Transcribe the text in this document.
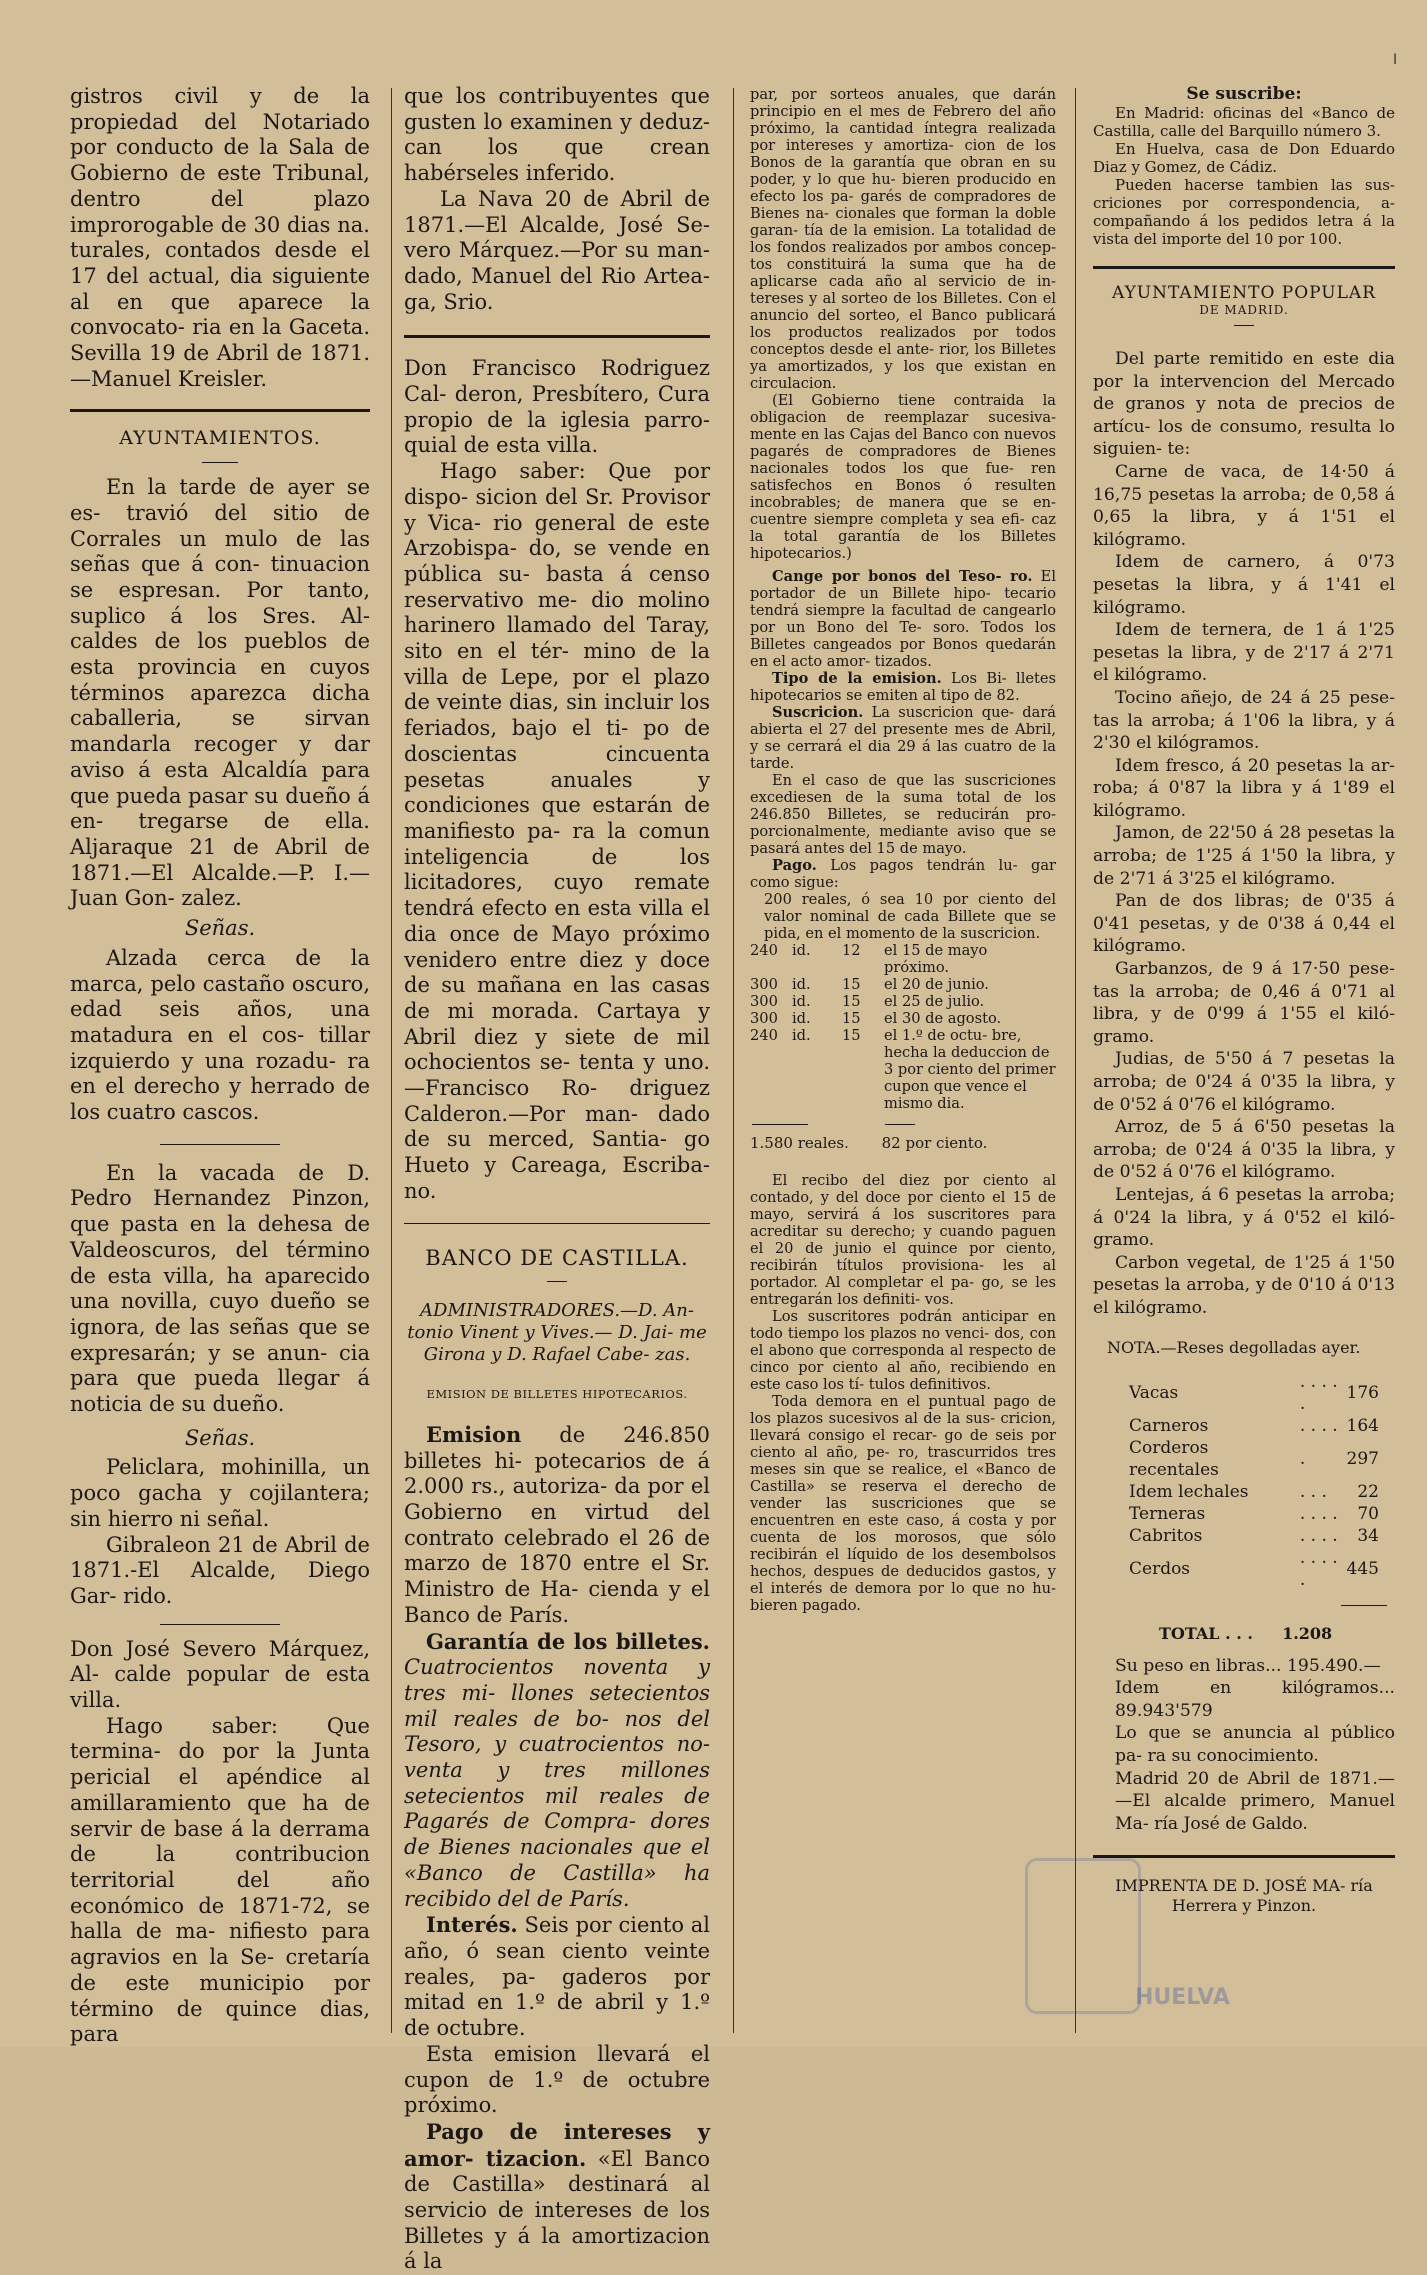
gistros civil y de la propiedad del Notariado por conducto de la Sala de Gobierno de este Tribunal, dentro del plazo improrogable de 30 dias na. turales, contados desde el 17 del actual, dia siguiente al en que aparece la convocato- ria en la Gaceta. Sevilla 19 de Abril de 1871.—Manuel Kreisler.

AYUNTAMIENTOS.

En la tarde de ayer se es- travió del sitio de Corrales un mulo de las señas que á con- tinuacion se espresan. Por tanto, suplico á los Sres. Al- caldes de los pueblos de esta provincia en cuyos términos aparezca dicha caballeria, se sirvan mandarla recoger y dar aviso á esta Alcaldía para que pueda pasar su dueño á en- tregarse de ella. Aljaraque 21 de Abril de 1871.—El Alcalde.—P. I.—Juan Gon- zalez.

Señas.

Alzada cerca de la marca, pelo castaño oscuro, edad seis años, una matadura en el cos- tillar izquierdo y una rozadu- ra en el derecho y herrado de los cuatro cascos.

En la vacada de D. Pedro Hernandez Pinzon, que pasta en la dehesa de Valdeoscuros, del término de esta villa, ha aparecido una novilla, cuyo dueño se ignora, de las señas que se expresarán; y se anun- cia para que pueda llegar á noticia de su dueño.

Señas.

Peliclara, mohinilla, un poco gacha y cojilantera; sin hierro ni señal.

Gibraleon 21 de Abril de 1871.-El Alcalde, Diego Gar- rido.

Don José Severo Márquez, Al- calde popular de esta villa.

Hago saber: Que termina- do por la Junta pericial el apéndice al amillaramiento que ha de servir de base á la derrama de la contribucion territorial del año económico de 1871-72, se halla de ma- nifiesto para agravios en la Se- cretaría de este municipio por término de quince dias, para

que los contribuyentes que gusten lo examinen y deduz- can los que crean habérseles inferido.

La Nava 20 de Abril de 1871.—El Alcalde, José Se- vero Márquez.—Por su man- dado, Manuel del Rio Artea- ga, Srio.

Don Francisco Rodriguez Cal- deron, Presbítero, Cura propio de la iglesia parro- quial de esta villa.

Hago saber: Que por dispo- sicion del Sr. Provisor y Vica- rio general de este Arzobispa- do, se vende en pública su- basta á censo reservativo me- dio molino harinero llamado del Taray, sito en el tér- mino de la villa de Lepe, por el plazo de veinte dias, sin incluir los feriados, bajo el ti- po de doscientas cincuenta pesetas anuales y condiciones que estarán de manifiesto pa- ra la comun inteligencia de los licitadores, cuyo remate tendrá efecto en esta villa el dia once de Mayo próximo venidero entre diez y doce de su mañana en las casas de mi morada. Cartaya y Abril diez y siete de mil ochocientos se- tenta y uno.—Francisco Ro- driguez Calderon.—Por man- dado de su merced, Santia- go Hueto y Careaga, Escriba- no.

BANCO DE CASTILLA.

ADMINISTRADORES.—D. An- tonio Vinent y Vives.— D. Jai- me Girona y D. Rafael Cabe- zas.

EMISION DE BILLETES HIPOTECARIOS.

Emision de 246.850 billetes hi- potecarios de á 2.000 rs., autoriza- da por el Gobierno en virtud del contrato celebrado el 26 de marzo de 1870 entre el Sr. Ministro de Ha- cienda y el Banco de París.

Garantía de los billetes. Cuatrocientos noventa y tres mi- llones setecientos mil reales de bo- nos del Tesoro, y cuatrocientos no- venta y tres millones setecientos mil reales de Pagarés de Compra- dores de Bienes nacionales que el «Banco de Castilla» ha recibido del de París.

Interés. Seis por ciento al año, ó sean ciento veinte reales, pa- gaderos por mitad en 1.º de abril y 1.º de octubre.

Esta emision llevará el cupon de 1.º de octubre próximo.

Pago de intereses y amor- tizacion. «El Banco de Castilla» destinará al servicio de intereses de los Billetes y á la amortizacion á la

par, por sorteos anuales, que darán principio en el mes de Febrero del año próximo, la cantidad íntegra realizada por intereses y amortiza- cion de los Bonos de la garantía que obran en su poder, y lo que hu- bieren producido en efecto los pa- garés de compradores de Bienes na- cionales que forman la doble garan- tía de la emision. La totalidad de los fondos realizados por ambos concep- tos constituirá la suma que ha de aplicarse cada año al servicio de in- tereses y al sorteo de los Billetes. Con el anuncio del sorteo, el Banco publicará los productos realizados por todos conceptos desde el ante- rior, los Billetes ya amortizados, y los que existan en circulacion.

(El Gobierno tiene contraida la obligacion de reemplazar sucesiva- mente en las Cajas del Banco con nuevos pagarés de compradores de Bienes nacionales todos los que fue- ren satisfechos en Bonos ó resulten incobrables; de manera que se en- cuentre siempre completa y sea efi- caz la total garantía de los Billetes hipotecarios.)

Cange por bonos del Teso- ro. El portador de un Billete hipo- tecario tendrá siempre la facultad de cangearlo por un Bono del Te- soro. Todos los Billetes cangeados por Bonos quedarán en el acto amor- tizados.

Tipo de la emision. Los Bi- lletes hipotecarios se emiten al tipo de 82.

Suscricion. La suscricion que- dará abierta el 27 del presente mes de Abril, y se cerrará el dia 29 á las cuatro de la tarde.

En el caso de que las suscriciones excediesen de la suma total de los 246.850 Billetes, se reducirán pro- porcionalmente, mediante aviso que se pasará antes del 15 de mayo.

Pago. Los pagos tendrán lu- gar como sigue:

200 reales, ó sea 10 por ciento del valor nominal de cada Billete que se pida, en el momento de la suscricion.

240	id.	12	el 15 de mayo próximo.
300	id.	15	el 20 de junio.
300	id.	15	el 25 de julio.
300	id.	15	el 30 de agosto.
240	id.	15	el 1.º de octu- bre, hecha la deduccion de 3 por ciento del primer cupon que vence el mismo dia.

1.580 reales. 82 por ciento.

El recibo del diez por ciento al contado, y del doce por ciento el 15 de mayo, servirá á los suscritores para acreditar su derecho; y cuando paguen el 20 de junio el quince por ciento, recibirán títulos provisiona- les al portador. Al completar el pa- go, se les entregarán los definiti- vos.

Los suscritores podrán anticipar en todo tiempo los plazos no venci- dos, con el abono que corresponda al respecto de cinco por ciento al año, recibiendo en este caso los tí- tulos definitivos.

Toda demora en el puntual pago de los plazos sucesivos al de la sus- cricion, llevará consigo el recar- go de seis por ciento al año, pe- ro, trascurridos tres meses sin que se realice, el «Banco de Castilla» se reserva el derecho de vender las suscriciones que se encuentren en este caso, á costa y por cuenta de los morosos, que sólo recibirán el líquido de los desembolsos hechos, despues de deducidos gastos, y el interés de demora por lo que no hu- bieren pagado.

Se suscribe:

En Madrid: oficinas del «Banco de Castilla, calle del Barquillo número 3.

En Huelva, casa de Don Eduardo Diaz y Gomez, de Cádiz.

Pueden hacerse tambien las sus- criciones por correspondencia, a- compañando á los pedidos letra á la vista del importe del 10 por 100.

AYUNTAMIENTO POPULAR

DE MADRID.

Del parte remitido en este dia por la intervencion del Mercado de granos y nota de precios de artícu- los de consumo, resulta lo siguien- te:

Carne de vaca, de 14·50 á 16,75 pesetas la arroba; de 0,58 á 0,65 la libra, y á 1'51 el kilógramo.

Idem de carnero, á 0'73 pesetas la libra, y á 1'41 el kilógramo.

Idem de ternera, de 1 á 1'25 pesetas la libra, y de 2'17 á 2'71 el kilógramo.

Tocino añejo, de 24 á 25 pese- tas la arroba; á 1'06 la libra, y á 2'30 el kilógramos.

Idem fresco, á 20 pesetas la ar- roba; á 0'87 la libra y á 1'89 el kilógramo.

Jamon, de 22'50 á 28 pesetas la arroba; de 1'25 á 1'50 la libra, y de 2'71 á 3'25 el kilógramo.

Pan de dos libras; de 0'35 á 0'41 pesetas, y de 0'38 á 0,44 el kilógramo.

Garbanzos, de 9 á 17·50 pese- tas la arroba; de 0,46 á 0'71 al libra, y de 0'99 á 1'55 el kiló- gramo.

Judias, de 5'50 á 7 pesetas la arroba; de 0'24 á 0'35 la libra, y de 0'52 á 0'76 el kilógramo.

Arroz, de 5 á 6'50 pesetas la arroba; de 0'24 á 0'35 la libra, y de 0'52 á 0'76 el kilógramo.

Lentejas, á 6 pesetas la arroba; á 0'24 la libra, y á 0'52 el kiló- gramo.

Carbon vegetal, de 1'25 á 1'50 pesetas la arroba, y de 0'10 á 0'13 el kilógramo.

NOTA.—Reses degolladas ayer.

Vacas	. . . . .	176
Carneros	. . . .	164
Corderos recentales	.	297
Idem lechales	. . .	22
Terneras	. . . .	70
Cabritos	. . . .	34
Cerdos	. . . . .	445
TOTAL . . . 1.208

Su peso en libras... 195.490.—

Idem en kilógramos... 89.943'579

Lo que se anuncia al público pa- ra su conocimiento.

Madrid 20 de Abril de 1871.— —El alcalde primero, Manuel Ma- ría José de Galdo.

IMPRENTA DE D. JOSÉ MA- ría Herrera y Pinzon.

HUELVA
ǀ
